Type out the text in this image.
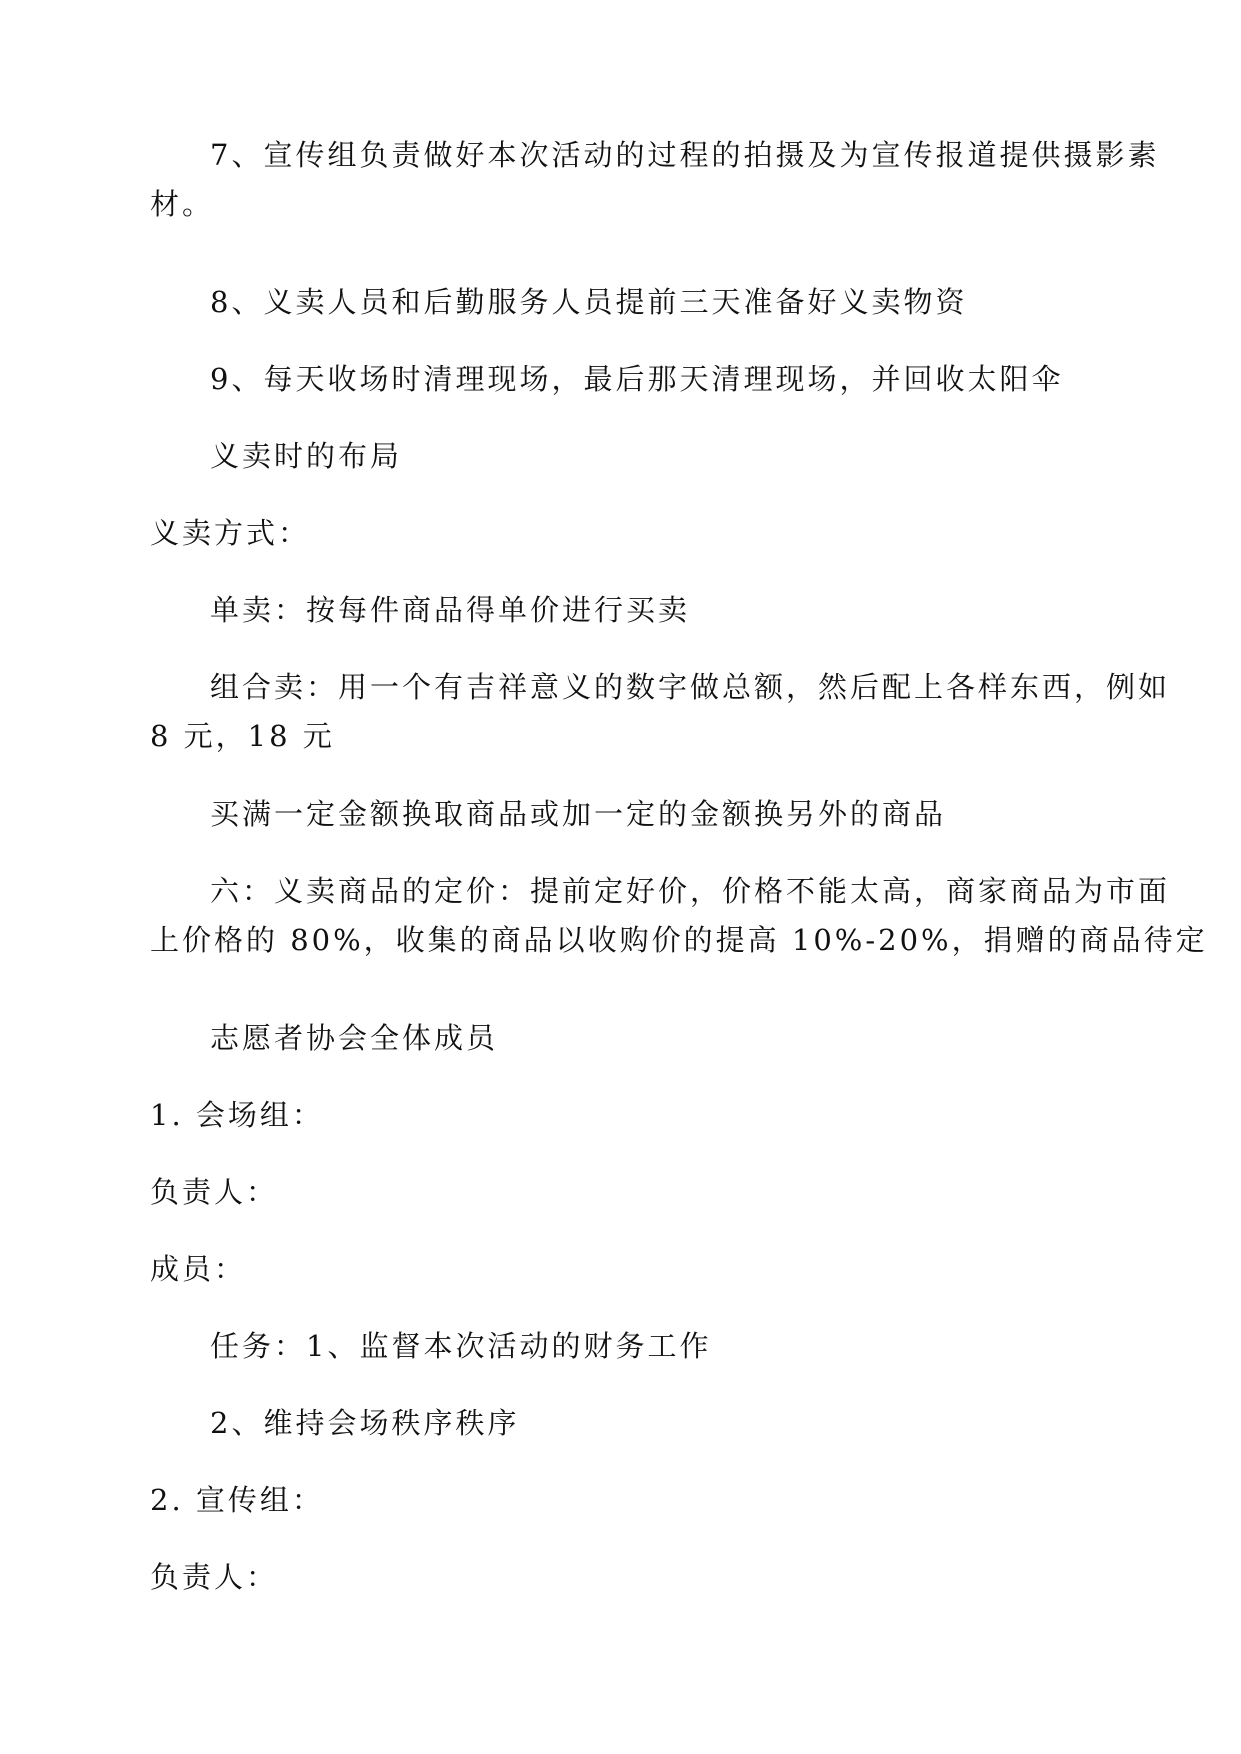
7、宣传组负责做好本次活动的过程的拍摄及为宣传报道提供摄影素
材。
8、义卖人员和后勤服务人员提前三天准备好义卖物资
9、每天收场时清理现场，最后那天清理现场，并回收太阳伞
义卖时的布局
义卖方式：
单卖：按每件商品得单价进行买卖
组合卖：用一个有吉祥意义的数字做总额，然后配上各样东西，例如
8 元，18 元
买满一定金额换取商品或加一定的金额换另外的商品
六：义卖商品的定价：提前定好价，价格不能太高，商家商品为市面
上价格的 80%，收集的商品以收购价的提高 10%-20%，捐赠的商品待定
志愿者协会全体成员
1. 会场组：
负责人：
成员：
任务：1、监督本次活动的财务工作
2、维持会场秩序秩序
2. 宣传组：
负责人：
